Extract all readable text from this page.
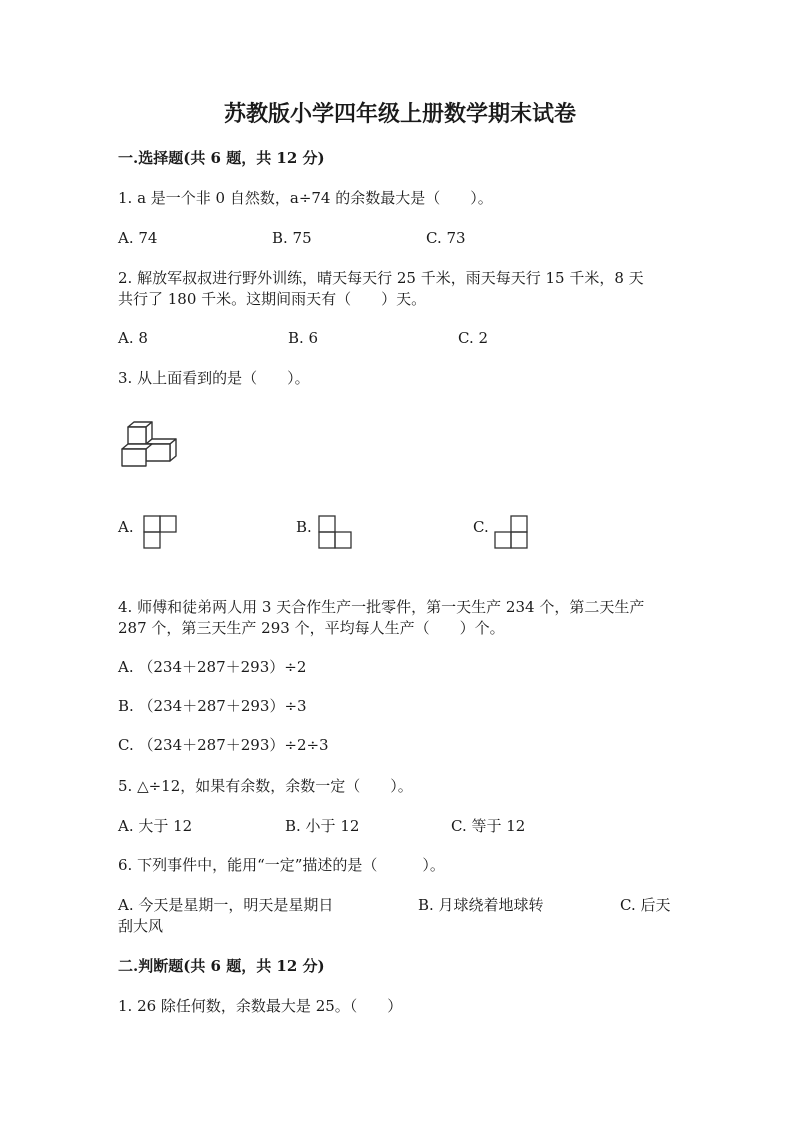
苏教版小学四年级上册数学期末试卷
一.选择题(共 6 题，共 12 分)
1. a 是一个非 0 自然数，a÷74 的余数最大是（　　）。
A. 74	B. 75	C. 73
2. 解放军叔叔进行野外训练，晴天每天行 25 千米，雨天每天行 15 千米，8 天
共行了 180 千米。这期间雨天有（　　）天。
A. 8	B. 6	C. 2
3. 从上面看到的是（　　）。
A.	B.	C.
4. 师傅和徒弟两人用 3 天合作生产一批零件，第一天生产 234 个，第二天生产
287 个，第三天生产 293 个，平均每人生产（　　）个。
A. （234＋287＋293）÷2
B. （234＋287＋293）÷3
C. （234＋287＋293）÷2÷3
5. △÷12，如果有余数，余数一定（　　）。
A. 大于 12	B. 小于 12	C. 等于 12
6. 下列事件中，能用“一定”描述的是（　　　）。
A. 今天是星期一，明天是星期日	B. 月球绕着地球转	C. 后天
刮大风
二.判断题(共 6 题，共 12 分)
1. 26 除任何数，余数最大是 25。（　　）
